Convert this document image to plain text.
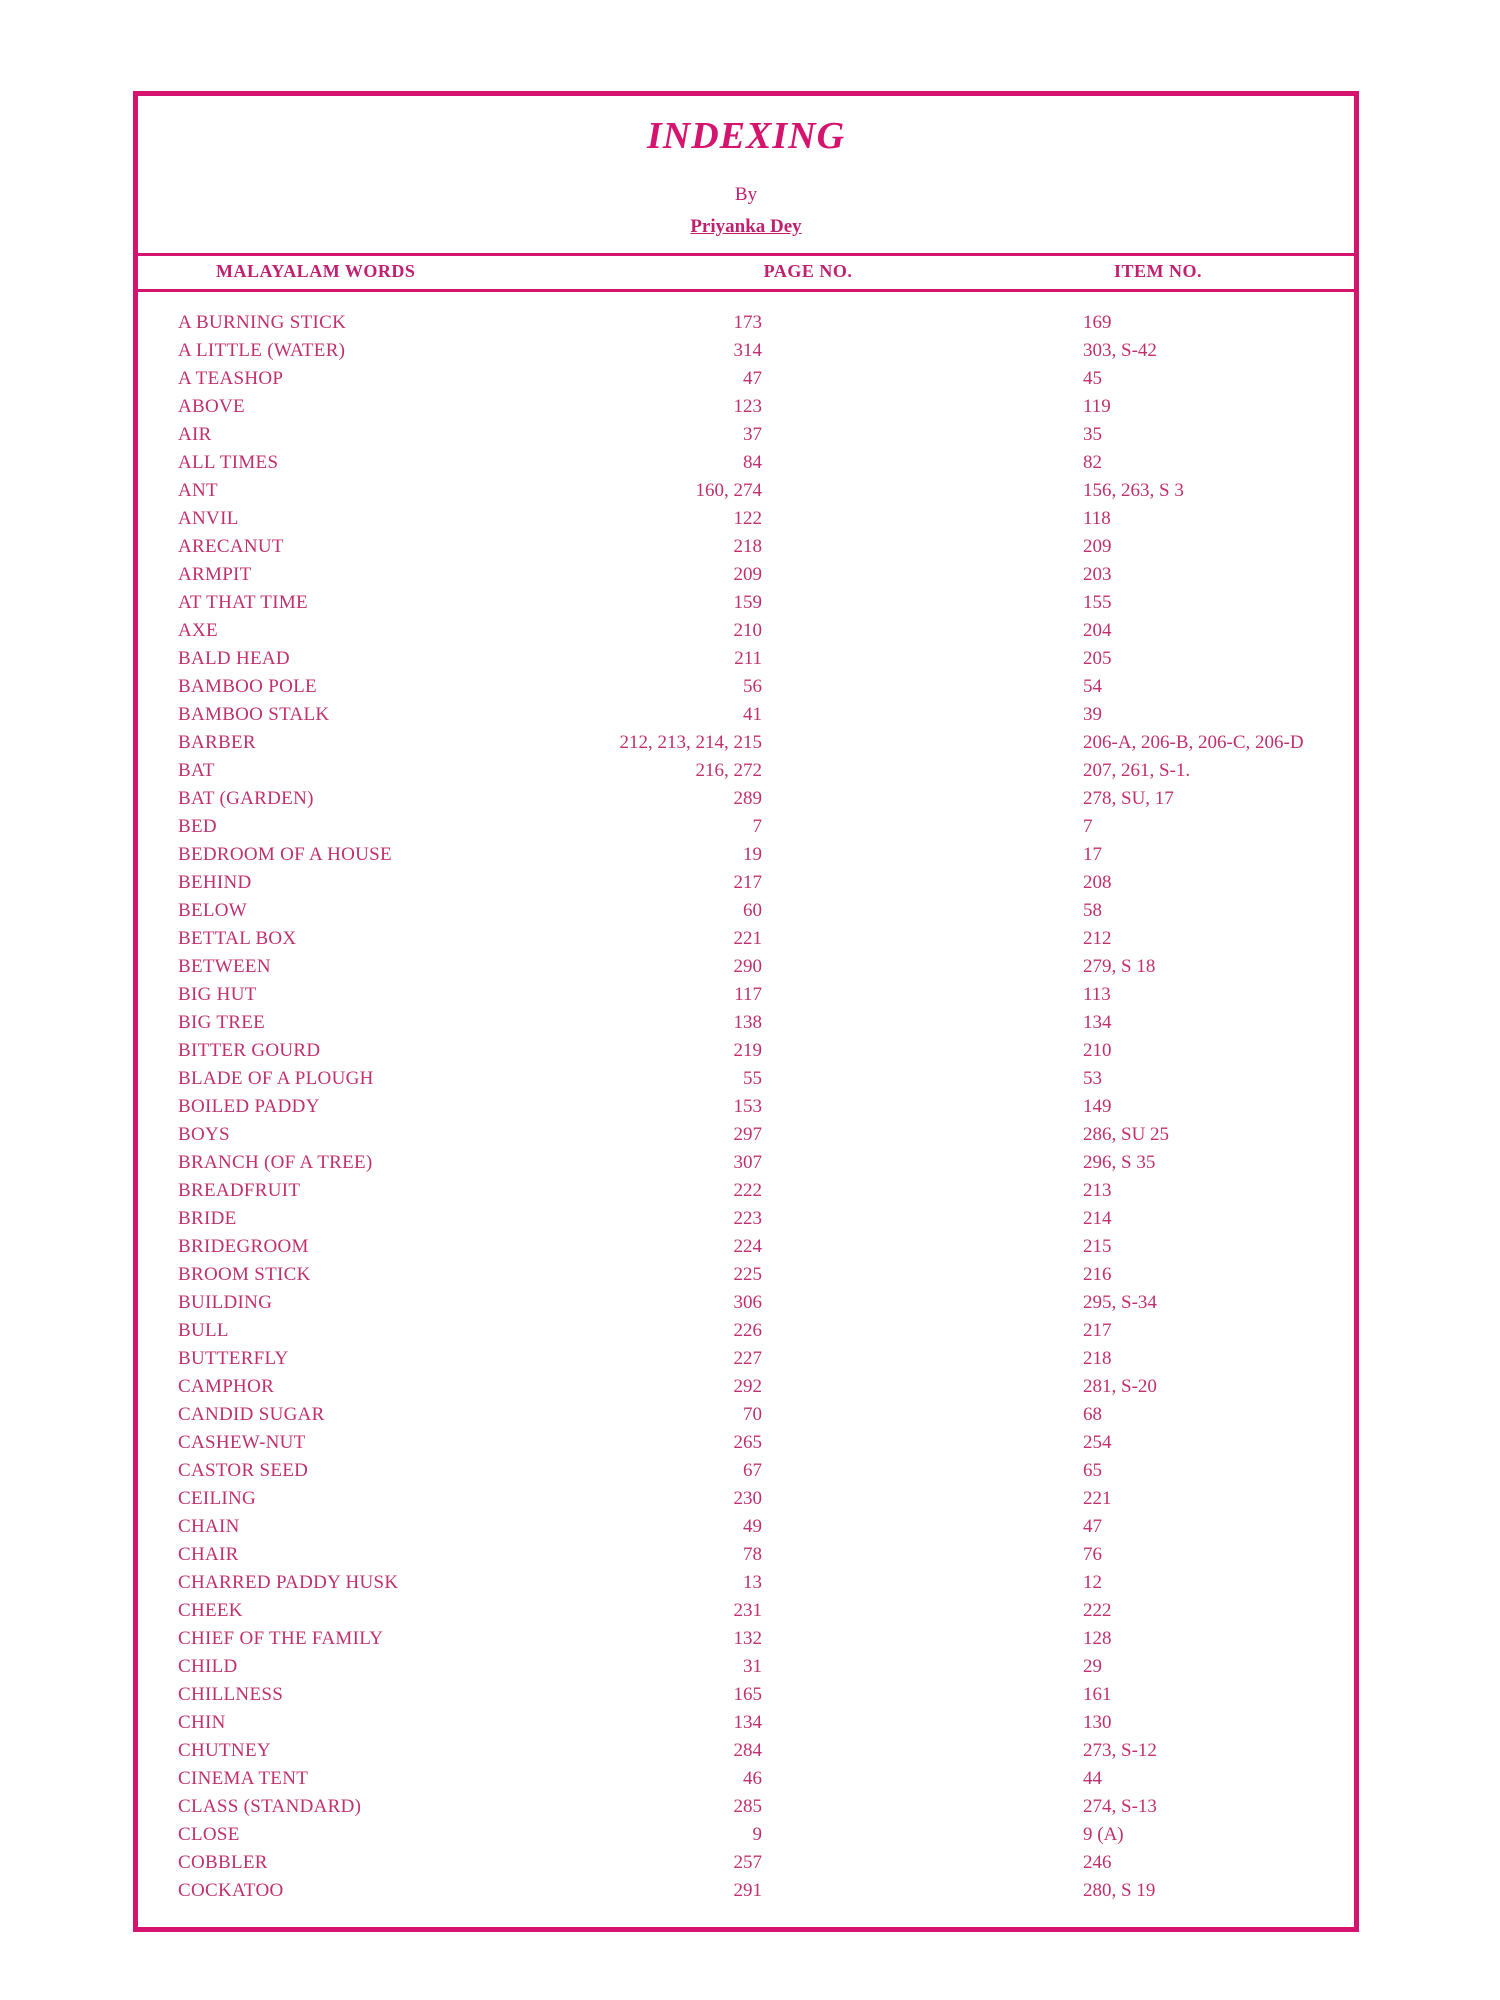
INDEXING
By
Priyanka Dey
MALAYALAM WORDS	PAGE NO.	ITEM NO.
A BURNING STICK	173	169
A LITTLE (WATER)	314	303, S-42
A TEASHOP	47	45
ABOVE	123	119
AIR	37	35
ALL TIMES	84	82
ANT	160, 274	156, 263, S 3
ANVIL	122	118
ARECANUT	218	209
ARMPIT	209	203
AT THAT TIME	159	155
AXE	210	204
BALD HEAD	211	205
BAMBOO POLE	56	54
BAMBOO STALK	41	39
BARBER	212, 213, 214, 215	206-A, 206-B, 206-C, 206-D
BAT	216, 272	207, 261, S-1.
BAT (GARDEN)	289	278, SU, 17
BED	7	7
BEDROOM OF A HOUSE	19	17
BEHIND	217	208
BELOW	60	58
BETTAL BOX	221	212
BETWEEN	290	279, S 18
BIG HUT	117	113
BIG TREE	138	134
BITTER GOURD	219	210
BLADE OF A PLOUGH	55	53
BOILED PADDY	153	149
BOYS	297	286, SU 25
BRANCH (OF A TREE)	307	296, S 35
BREADFRUIT	222	213
BRIDE	223	214
BRIDEGROOM	224	215
BROOM STICK	225	216
BUILDING	306	295, S-34
BULL	226	217
BUTTERFLY	227	218
CAMPHOR	292	281, S-20
CANDID SUGAR	70	68
CASHEW-NUT	265	254
CASTOR SEED	67	65
CEILING	230	221
CHAIN	49	47
CHAIR	78	76
CHARRED PADDY HUSK	13	12
CHEEK	231	222
CHIEF OF THE FAMILY	132	128
CHILD	31	29
CHILLNESS	165	161
CHIN	134	130
CHUTNEY	284	273, S-12
CINEMA TENT	46	44
CLASS (STANDARD)	285	274, S-13
CLOSE	9	9 (A)
COBBLER	257	246
COCKATOO	291	280, S 19
